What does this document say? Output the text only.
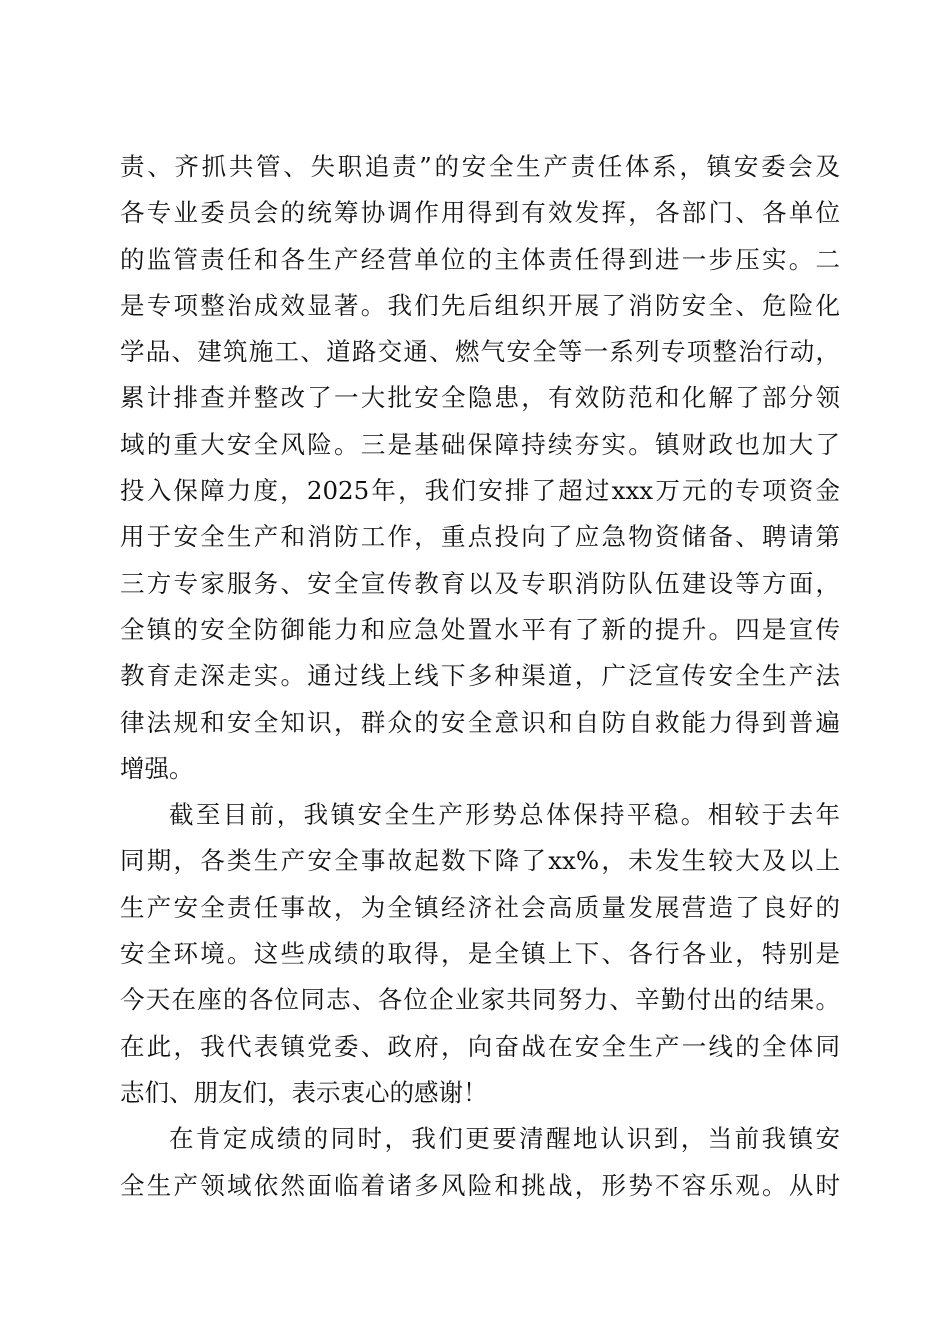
责、齐抓共管、失职追责”的安全生产责任体系，镇安委会及
各专业委员会的统筹协调作用得到有效发挥，各部门、各单位
的监管责任和各生产经营单位的主体责任得到进一步压实。二
是专项整治成效显著。我们先后组织开展了消防安全、危险化
学品、建筑施工、道路交通、燃气安全等一系列专项整治行动，
累计排查并整改了一大批安全隐患，有效防范和化解了部分领
域的重大安全风险。三是基础保障持续夯实。镇财政也加大了
投入保障力度，2025年，我们安排了超过xxx万元的专项资金
用于安全生产和消防工作，重点投向了应急物资储备、聘请第
三方专家服务、安全宣传教育以及专职消防队伍建设等方面，
全镇的安全防御能力和应急处置水平有了新的提升。四是宣传
教育走深走实。通过线上线下多种渠道，广泛宣传安全生产法
律法规和安全知识，群众的安全意识和自防自救能力得到普遍
增强。
截至目前，我镇安全生产形势总体保持平稳。相较于去年
同期，各类生产安全事故起数下降了xx%，未发生较大及以上
生产安全责任事故，为全镇经济社会高质量发展营造了良好的
安全环境。这些成绩的取得，是全镇上下、各行各业，特别是
今天在座的各位同志、各位企业家共同努力、辛勤付出的结果。
在此，我代表镇党委、政府，向奋战在安全生产一线的全体同
志们、朋友们，表示衷心的感谢！
在肯定成绩的同时，我们更要清醒地认识到，当前我镇安
全生产领域依然面临着诸多风险和挑战，形势不容乐观。从时
